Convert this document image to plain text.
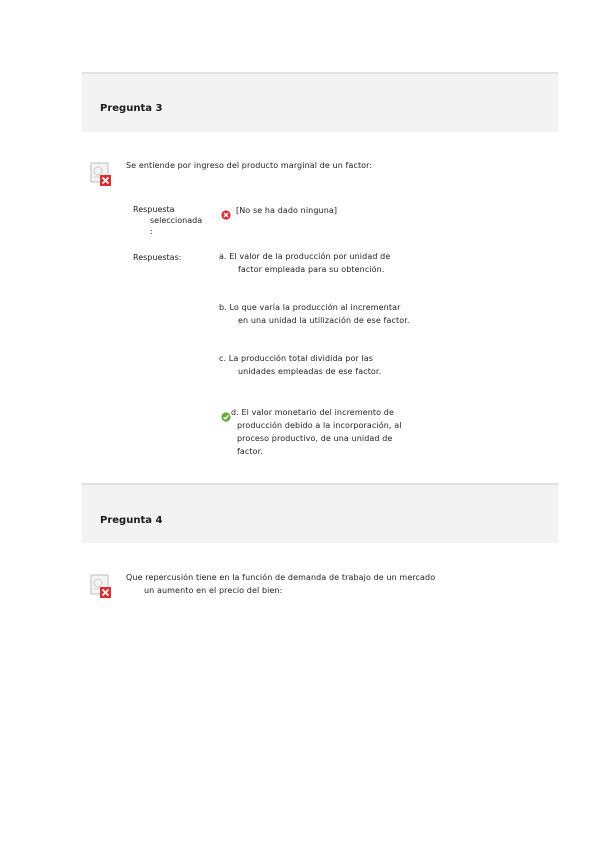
Pregunta 3
Se entiende por ingreso del producto marginal de un factor:
Respuesta
seleccionada
:
[No se ha dado ninguna]
Respuestas:	a. El valor de la producción por unidad de
factor empleada para su obtención.
b. Lo que varía la producción al incrementar
en una unidad la utilización de ese factor.
c. La producción total dividida por las
unidades empleadas de ese factor.
d. El valor monetario del incremento de
producción debido a la incorporación, al
proceso productivo, de una unidad de
factor.
Pregunta 4
Que repercusión tiene en la función de demanda de trabajo de un mercado
un aumento en el precio del bien:
